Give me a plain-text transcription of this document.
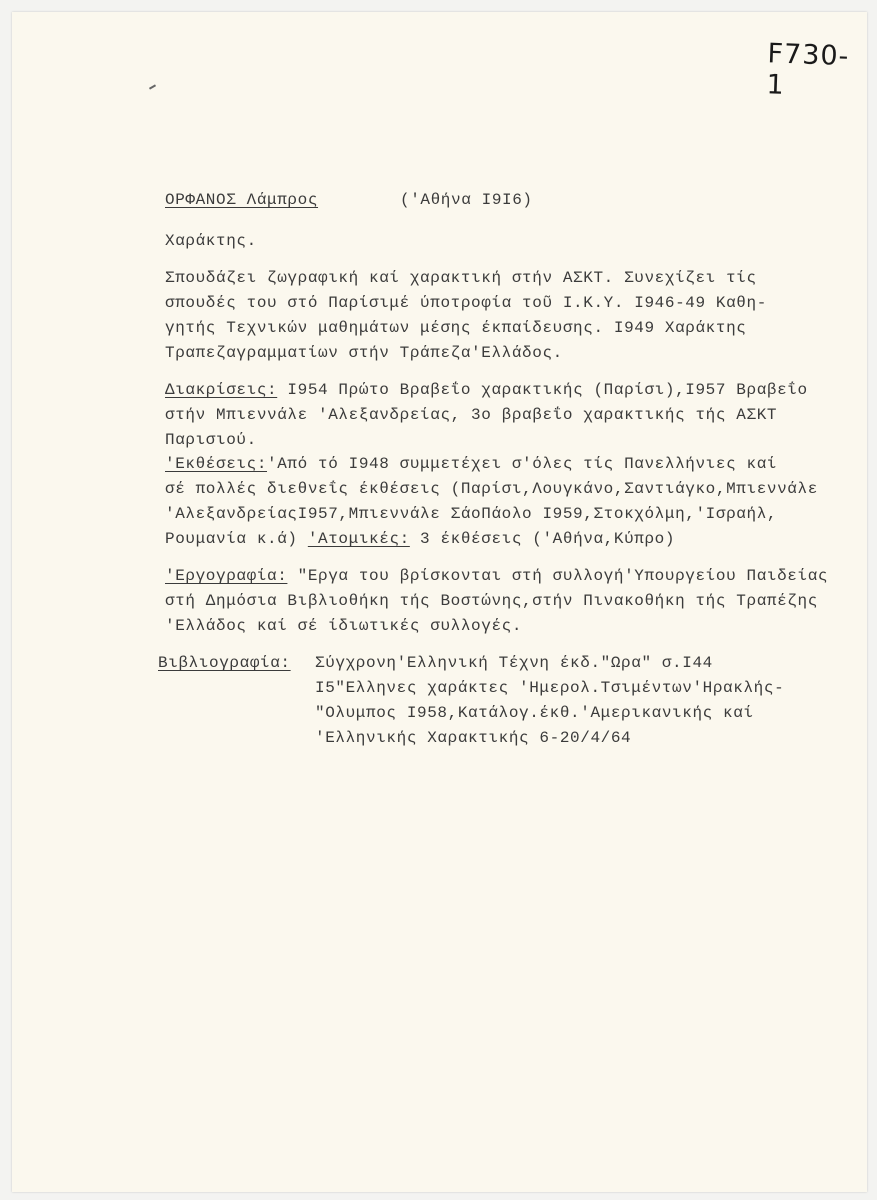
F730- 1
ΟΡΦΑΝΟΣ Λάμπρος	('Αθήνα Ι9Ι6)
Χαράκτης.
Σπουδάζει ζωγραφική καί χαρακτική στήν ΑΣΚΤ. Συνεχίζει τίς
σπουδές του στό Παρίσιμέ ύποτροφία τοῦ Ι.Κ.Υ. Ι946-49 Καθη-
γητής Τεχνικών μαθημάτων μέσης έκπαίδευσης. Ι949 Χαράκτης
Τραπεζαγραμματίων στήν Τράπεζα'Ελλάδος.
Διακρίσεις: Ι954 Πρώτο Βραβεΐο χαρακτικής (Παρίσι),Ι957 Βραβεΐο
στήν Μπιεννάλε 'Αλεξανδρείας, 3ο βραβεΐο χαρακτικής τής ΑΣΚΤ
Παρισιού.
'Εκθέσεις:'Από τό Ι948 συμμετέχει σ'όλες τίς Πανελλήνιες καί
σέ πολλές διεθνεΐς έκθέσεις (Παρίσι,Λουγκάνο,Σαντιάγκο,Μπιεννάλε
'ΑλεξανδρείαςΙ957,Μπιεννάλε ΣάοΠάολο Ι959,Στοκχόλμη,'Ισραήλ,
Ρουμανία κ.ά) 'Ατομικές: 3 έκθέσεις ('Αθήνα,Κύπρο)
'Εργογραφία: "Εργα του βρίσκονται στή συλλογή'Υπουργείου Παιδείας
στή Δημόσια Βιβλιοθήκη τής Βοστώνης,στήν Πινακοθήκη τής Τραπέζης
'Ελλάδος καί σέ ίδιωτικές συλλογές.
Βιβλιογραφία: Σύγχρονη'Ελληνική Τέχνη έκδ."Ωρα" σ.Ι44
Ι5"Ελληνες χαράκτες 'Ημερολ.Τσιμέντων'Ηρακλής-
"Ολυμπος Ι958,Κατάλογ.έκθ.'Αμερικανικής καί
'Ελληνικής Χαρακτικής 6-20/4/64
